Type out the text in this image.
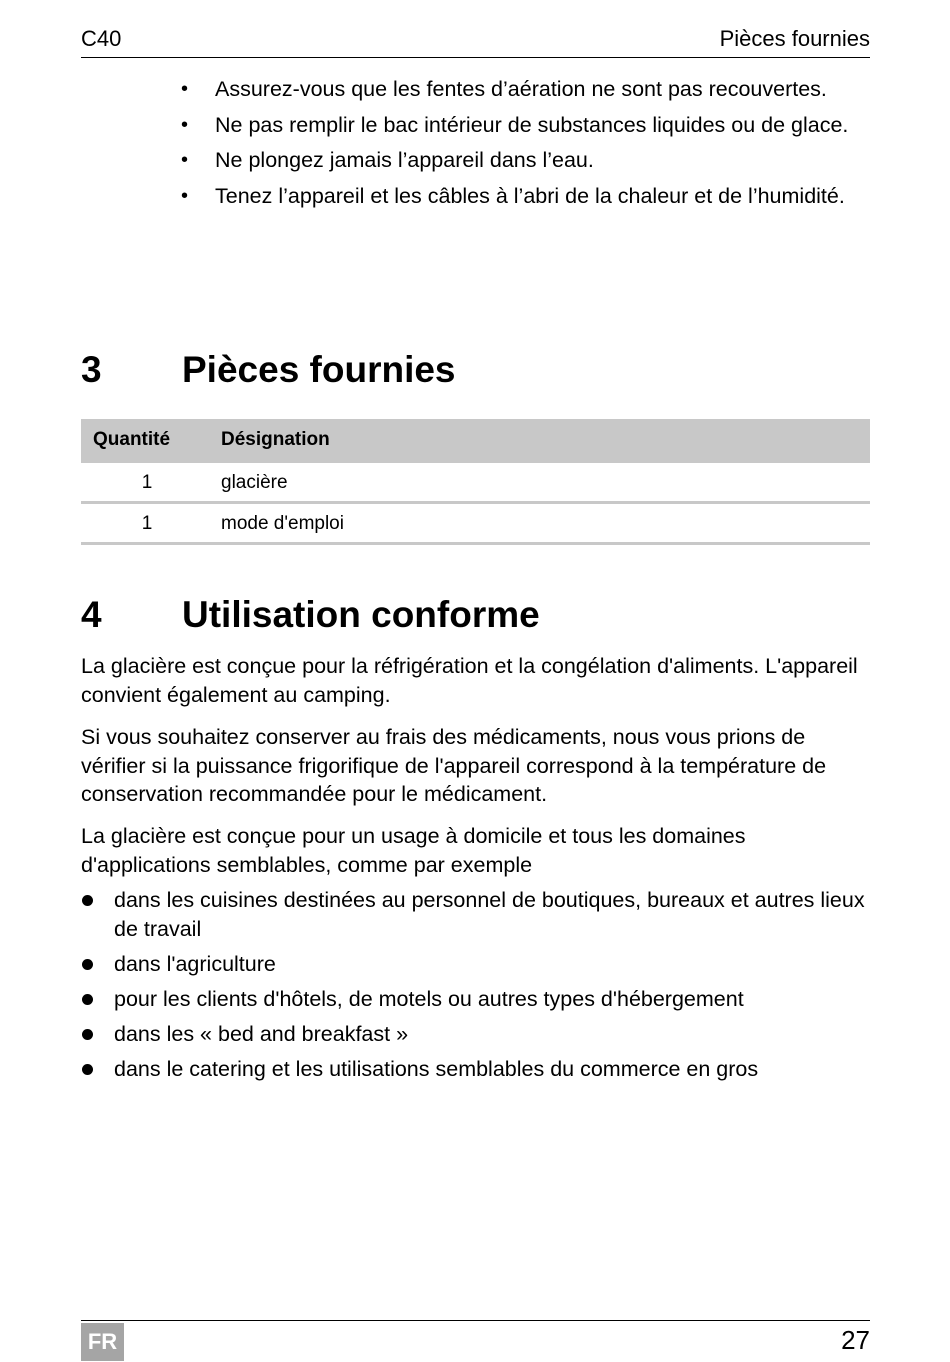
C40	Pièces fournies
• Assurez-vous que les fentes d’aération ne sont pas recouvertes.
• Ne pas remplir le bac intérieur de substances liquides ou de glace.
• Ne plongez jamais l’appareil dans l’eau.
• Tenez l’appareil et les câbles à l’abri de la chaleur et de l’humidité.
3 Pièces fournies
Quantité	Désignation
1	glacière
1	mode d'emploi
4 Utilisation conforme

La glacière est conçue pour la réfrigération et la congélation d'aliments. L'appareil convient également au camping.

Si vous souhaitez conserver au frais des médicaments, nous vous prions de vérifier si la puissance frigorifique de l'appareil correspond à la température de conservation recommandée pour le médicament.

La glacière est conçue pour un usage à domicile et tous les domaines d'applications semblables, comme par exemple

dans les cuisines destinées au personnel de boutiques, bureaux et autres lieux de travail
dans l'agriculture
pour les clients d'hôtels, de motels ou autres types d'hébergement
dans les « bed and breakfast »
dans le catering et les utilisations semblables du commerce en gros
FR	27
